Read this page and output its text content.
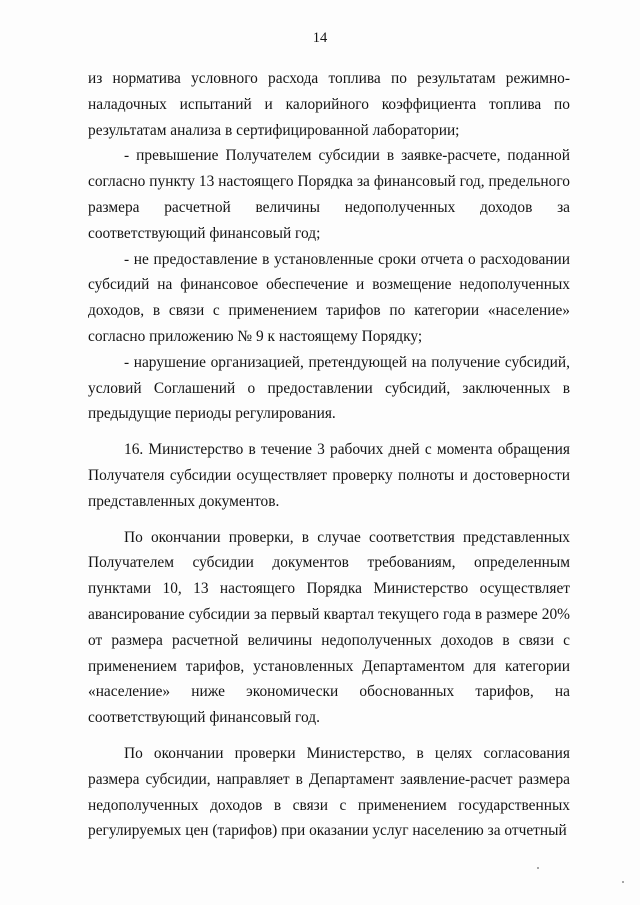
14

из норматива условного расхода топлива по результатам режимно-наладочных испытаний и калорийного коэффициента топлива по результатам анализа в сертифицированной лаборатории;

- превышение Получателем субсидии в заявке-расчете, поданной согласно пункту 13 настоящего Порядка за финансовый год, предельного размера расчетной величины недополученных доходов за соответствующий финансовый год;

- не предоставление в установленные сроки отчета о расходовании субсидий на финансовое обеспечение и возмещение недополученных доходов, в связи с применением тарифов по категории «население» согласно приложению № 9 к настоящему Порядку;

- нарушение организацией, претендующей на получение субсидий, условий Соглашений о предоставлении субсидий, заключенных в предыдущие периоды регулирования.

16. Министерство в течение 3 рабочих дней с момента обращения Получателя субсидии осуществляет проверку полноты и достоверности представленных документов.

По окончании проверки, в случае соответствия представленных Получателем субсидии документов требованиям, определенным пунктами 10, 13 настоящего Порядка Министерство осуществляет авансирование субсидии за первый квартал текущего года в размере 20% от размера расчетной величины недополученных доходов в связи с применением тарифов, установленных Департаментом для категории «население» ниже экономически обоснованных тарифов, на соответствующий финансовый год.

По окончании проверки Министерство, в целях согласования размера субсидии, направляет в Департамент заявление-расчет размера недополученных доходов в связи с применением государственных регулируемых цен (тарифов) при оказании услуг населению за отчетный
